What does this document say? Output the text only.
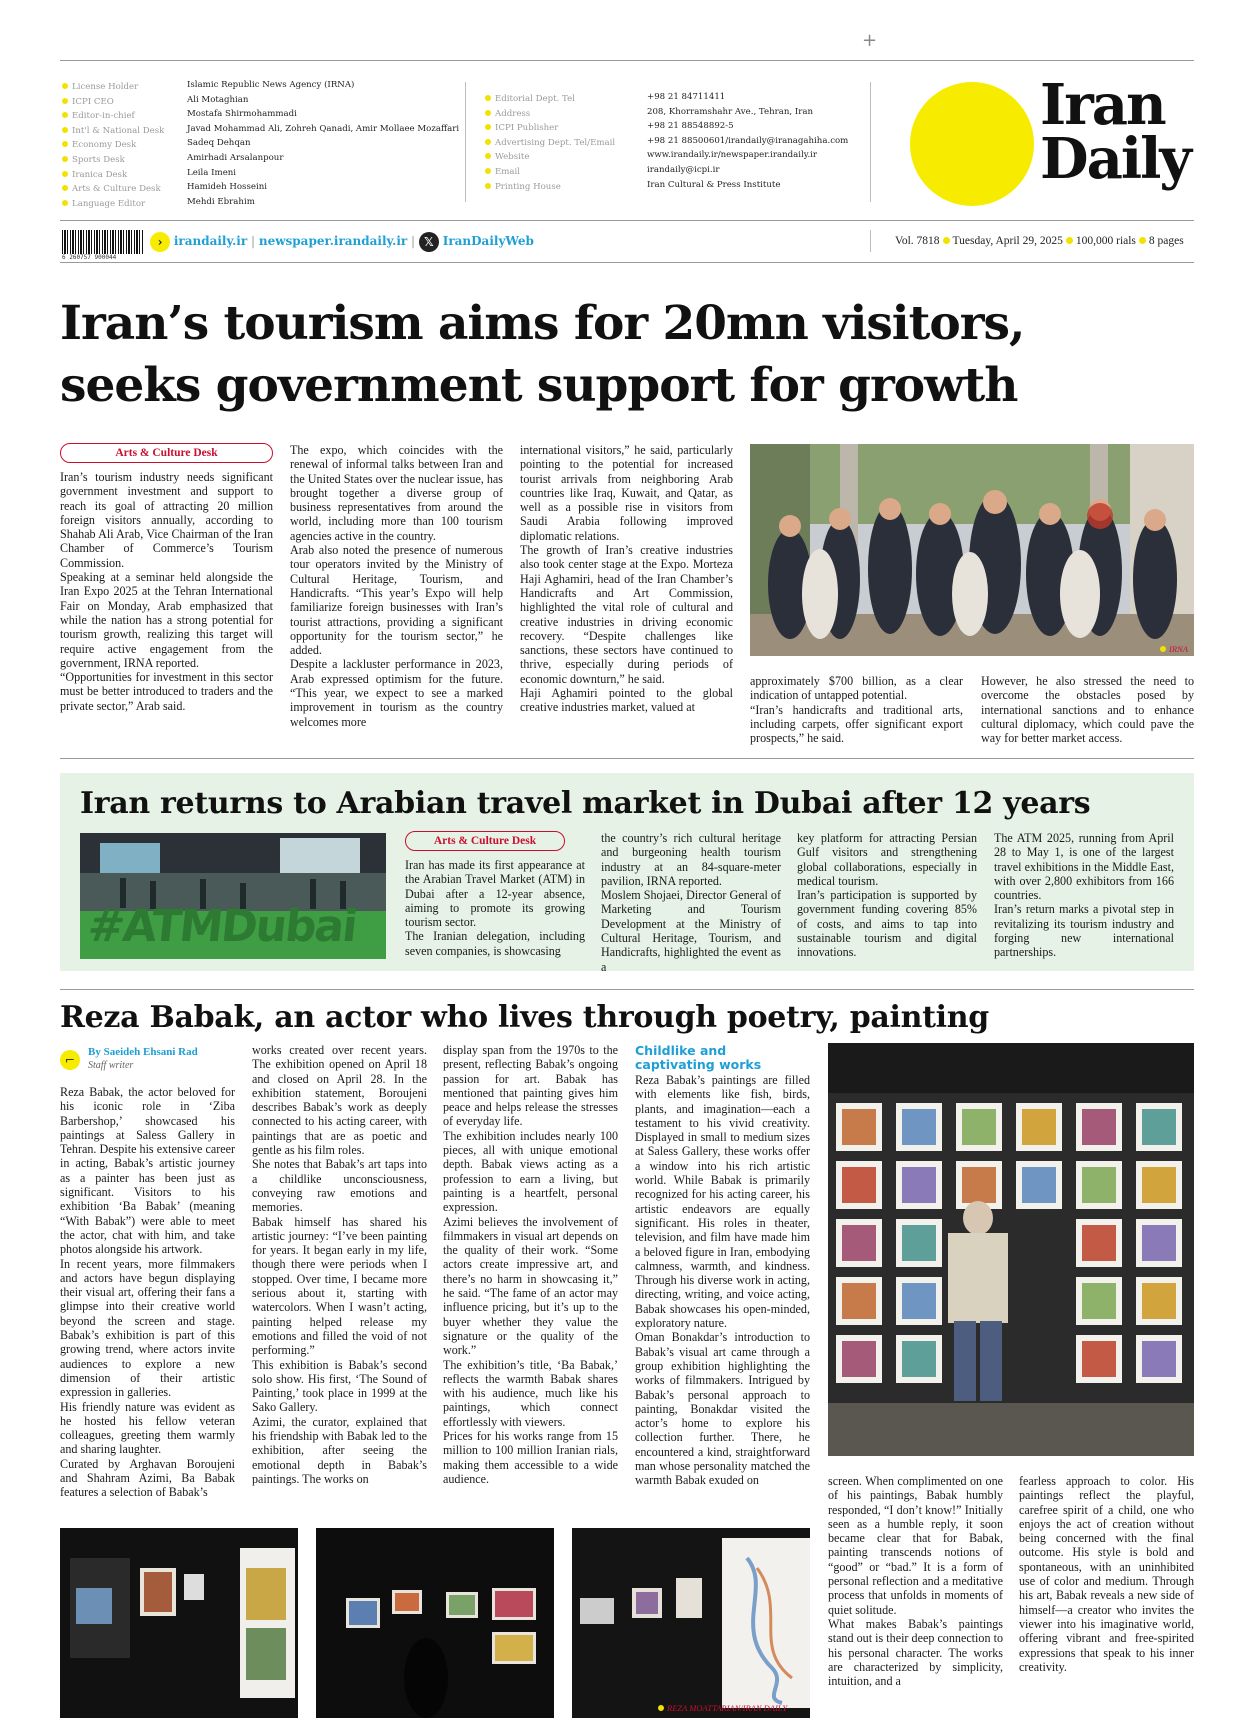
+
License Holder
ICPI CEO
Editor-in-chief
Int'l & National Desk
Economy Desk
Sports Desk
Iranica Desk
Arts & Culture Desk
Language Editor
Islamic Republic News Agency (IRNA)
Ali Motaghian
Mostafa Shirmohammadi
Javad Mohammad Ali, Zohreh Qanadi, Amir Mollaee Mozaffari
Sadeq Dehqan
Amirhadi Arsalanpour
Leila Imeni
Hamideh Hosseini
Mehdi Ebrahim
Editorial Dept. Tel
Address
ICPI Publisher
Advertising Dept. Tel/Email
Website
Email
Printing House
+98 21 84711411
208, Khorramshahr Ave., Tehran, Iran
+98 21 88548892-5
+98 21 88500601/irandaily@iranagahiha.com
www.irandaily.ir/newspaper.irandaily.ir
irandaily@icpi.ir
Iran Cultural & Press Institute
Iran
Daily
6 260757 900044
› irandaily.ir | newspaper.irandaily.ir | 𝕏 IranDailyWeb	Vol. 7818 Tuesday, April 29, 2025 100,000 rials 8 pages
Iran’s tourism aims for 20mn visitors,
seeks government support for growth
Arts & Culture Desk

Iran’s tourism industry needs significant government investment and support to reach its goal of attracting 20 million foreign visitors annually, according to Shahab Ali Arab, Vice Chairman of the Iran Chamber of Commerce’s Tourism Commission.

Speaking at a seminar held alongside the Iran Expo 2025 at the Tehran International Fair on Monday, Arab emphasized that while the nation has a strong potential for tourism growth, realizing this target will require active engagement from the government, IRNA reported.

“Opportunities for investment in this sector must be better introduced to traders and the private sector,” Arab said.

The expo, which coincides with the renewal of informal talks between Iran and the United States over the nuclear issue, has brought together a diverse group of business representatives from around the world, including more than 100 tourism agencies active in the country.

Arab also noted the presence of numerous tour operators invited by the Ministry of Cultural Heritage, Tourism, and Handicrafts. “This year’s Expo will help familiarize foreign businesses with Iran’s tourist attractions, providing a significant opportunity for the tourism sector,” he added.

Despite a lackluster performance in 2023, Arab expressed optimism for the future. “This year, we expect to see a marked improvement in tourism as the country welcomes more

international visitors,” he said, particularly pointing to the potential for increased tourist arrivals from neighboring Arab countries like Iraq, Kuwait, and Qatar, as well as a possible rise in visitors from Saudi Arabia following improved diplomatic relations.

The growth of Iran’s creative industries also took center stage at the Expo. Morteza Haji Aghamiri, head of the Iran Chamber’s Handicrafts and Art Commission, highlighted the vital role of cultural and creative industries in driving economic recovery. “Despite challenges like sanctions, these sectors have continued to thrive, especially during periods of economic downturn,” he said.

Haji Aghamiri pointed to the global creative industries market, valued at

IRNA

approximately $700 billion, as a clear indication of untapped potential.

“Iran’s handicrafts and traditional arts, including carpets, offer significant export prospects,” he said.

However, he also stressed the need to overcome the obstacles posed by international sanctions and to enhance cultural diplomacy, which could pave the way for better market access.

Iran returns to Arabian travel market in Dubai after 12 years
#ATMDubai
Arts & Culture Desk

Iran has made its first appearance at the Arabian Travel Market (ATM) in Dubai after a 12-year absence, aiming to promote its growing tourism sector.

The Iranian delegation, including seven companies, is showcasing

the country’s rich cultural heritage and burgeoning health tourism industry at an 84-square-meter pavilion, IRNA reported.

Moslem Shojaei, Director General of Marketing and Tourism Development at the Ministry of Cultural Heritage, Tourism, and Handicrafts, highlighted the event as a

key platform for attracting Persian Gulf visitors and strengthening global collaborations, especially in medical tourism.

Iran’s participation is supported by government funding covering 85% of costs, and aims to tap into sustainable tourism and digital innovations.

The ATM 2025, running from April 28 to May 1, is one of the largest travel exhibitions in the Middle East, with over 2,800 exhibitors from 166 countries.

Iran’s return marks a pivotal step in revitalizing its tourism industry and forging new international partnerships.

Reza Babak, an actor who lives through poetry, painting
⌐
By Saeideh Ehsani Rad
Staff writer

Reza Babak, the actor beloved for his iconic role in ‘Ziba Barbershop,’ showcased his paintings at Saless Gallery in Tehran. Despite his extensive career in acting, Babak’s artistic journey as a painter has been just as significant. Visitors to his exhibition ‘Ba Babak’ (meaning “With Babak”) were able to meet the actor, chat with him, and take photos alongside his artwork.

In recent years, more filmmakers and actors have begun displaying their visual art, offering their fans a glimpse into their creative world beyond the screen and stage. Babak’s exhibition is part of this growing trend, where actors invite audiences to explore a new dimension of their artistic expression in galleries.

His friendly nature was evident as he hosted his fellow veteran colleagues, greeting them warmly and sharing laughter.

Curated by Arghavan Boroujeni and Shahram Azimi, Ba Babak features a selection of Babak’s

works created over recent years. The exhibition opened on April 18 and closed on April 28. In the exhibition statement, Boroujeni describes Babak’s work as deeply connected to his acting career, with paintings that are as poetic and gentle as his film roles.

She notes that Babak’s art taps into a childlike unconsciousness, conveying raw emotions and memories.

Babak himself has shared his artistic journey: “I’ve been painting for years. It began early in my life, though there were periods when I stopped. Over time, I became more serious about it, starting with watercolors. When I wasn’t acting, painting helped release my emotions and filled the void of not performing.”

This exhibition is Babak’s second solo show. His first, ‘The Sound of Painting,’ took place in 1999 at the Sako Gallery.

Azimi, the curator, explained that his friendship with Babak led to the exhibition, after seeing the emotional depth in Babak’s paintings. The works on

display span from the 1970s to the present, reflecting Babak’s ongoing passion for art. Babak has mentioned that painting gives him peace and helps release the stresses of everyday life.

The exhibition includes nearly 100 pieces, all with unique emotional depth. Babak views acting as a profession to earn a living, but painting is a heartfelt, personal expression.

Azimi believes the involvement of filmmakers in visual art depends on the quality of their work. “Some actors create impressive art, and there’s no harm in showcasing it,” he said. “The fame of an actor may influence pricing, but it’s up to the buyer whether they value the signature or the quality of the work.”

The exhibition’s title, ‘Ba Babak,’ reflects the warmth Babak shares with his audience, much like his paintings, which connect effortlessly with viewers.

Prices for his works range from 15 million to 100 million Iranian rials, making them accessible to a wide audience.

Childlike and captivating works

Reza Babak’s paintings are filled with elements like fish, birds, plants, and imagination—each a testament to his vivid creativity. Displayed in small to medium sizes at Saless Gallery, these works offer a window into his rich artistic world. While Babak is primarily recognized for his acting career, his artistic endeavors are equally significant. His roles in theater, television, and film have made him a beloved figure in Iran, embodying calmness, warmth, and kindness. Through his diverse work in acting, directing, writing, and voice acting, Babak showcases his open-minded, exploratory nature.

Oman Bonakdar’s introduction to Babak’s visual art came through a group exhibition highlighting the works of filmmakers. Intrigued by Babak’s personal approach to painting, Bonakdar visited the actor’s home to explore his collection further. There, he encountered a kind, straightforward man whose personality matched the warmth Babak exuded on	screen. When complimented on one of his paintings, Babak humbly responded, “I don’t know!” Initially seen as a humble reply, it soon became clear that for Babak, painting transcends notions of “good” or “bad.” It is a form of personal reflection and a meditative process that unfolds in moments of quiet solitude.

What makes Babak’s paintings stand out is their deep connection to his personal character. The works are characterized by simplicity, intuition, and a

fearless approach to color. His paintings reflect the playful, carefree spirit of a child, one who enjoys the act of creation without being concerned with the final outcome. His style is bold and spontaneous, with an uninhibited use of color and medium. Through his art, Babak reveals a new side of himself—a creator who invites the viewer into his imaginative world, offering vibrant and free-spirited expressions that speak to his inner creativity.

REZA MOATTARIAN/IRAN DAILY
